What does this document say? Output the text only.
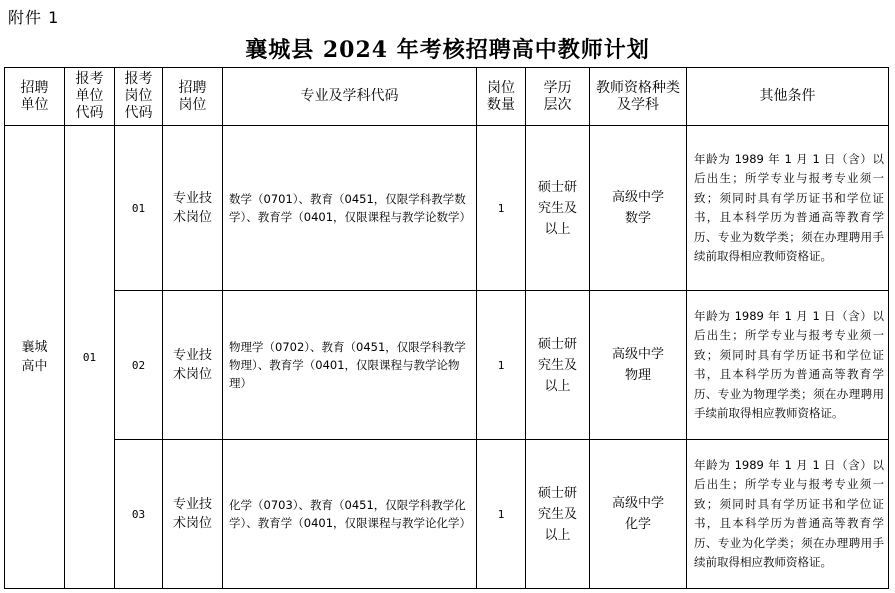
附件 1
襄城县 2024 年考核招聘高中教师计划
招聘单位	报考单位代码	报考岗位代码	招聘岗位	专业及学科代码	岗位数量	学历层次	教师资格种类及学科	其他条件

襄城高中	01	01	专业技术岗位	数学（0701）、教育（0451，仅限学科教学数学）、教育学（0401，仅限课程与教学论数学）	1	硕士研究生及以上	高级中学数学	年龄为 1989 年 1 月 1 日（含）以后出生；所学专业与报考专业须一致；须同时具有学历证书和学位证书，且本科学历为普通高等教育学历、专业为数学类；须在办理聘用手续前取得相应教师资格证。
		02	专业技术岗位	物理学（0702）、教育（0451，仅限学科教学物理）、教育学（0401，仅限课程与教学论物理）	1	硕士研究生及以上	高级中学物理	年龄为 1989 年 1 月 1 日（含）以后出生；所学专业与报考专业须一致；须同时具有学历证书和学位证书，且本科学历为普通高等教育学历、专业为物理学类；须在办理聘用手续前取得相应教师资格证。
		03	专业技术岗位	化学（0703）、教育（0451，仅限学科教学化学）、教育学（0401，仅限课程与教学论化学）	1	硕士研究生及以上	高级中学化学	年龄为 1989 年 1 月 1 日（含）以后出生；所学专业与报考专业须一致；须同时具有学历证书和学位证书，且本科学历为普通高等教育学历、专业为化学类；须在办理聘用手续前取得相应教师资格证。
